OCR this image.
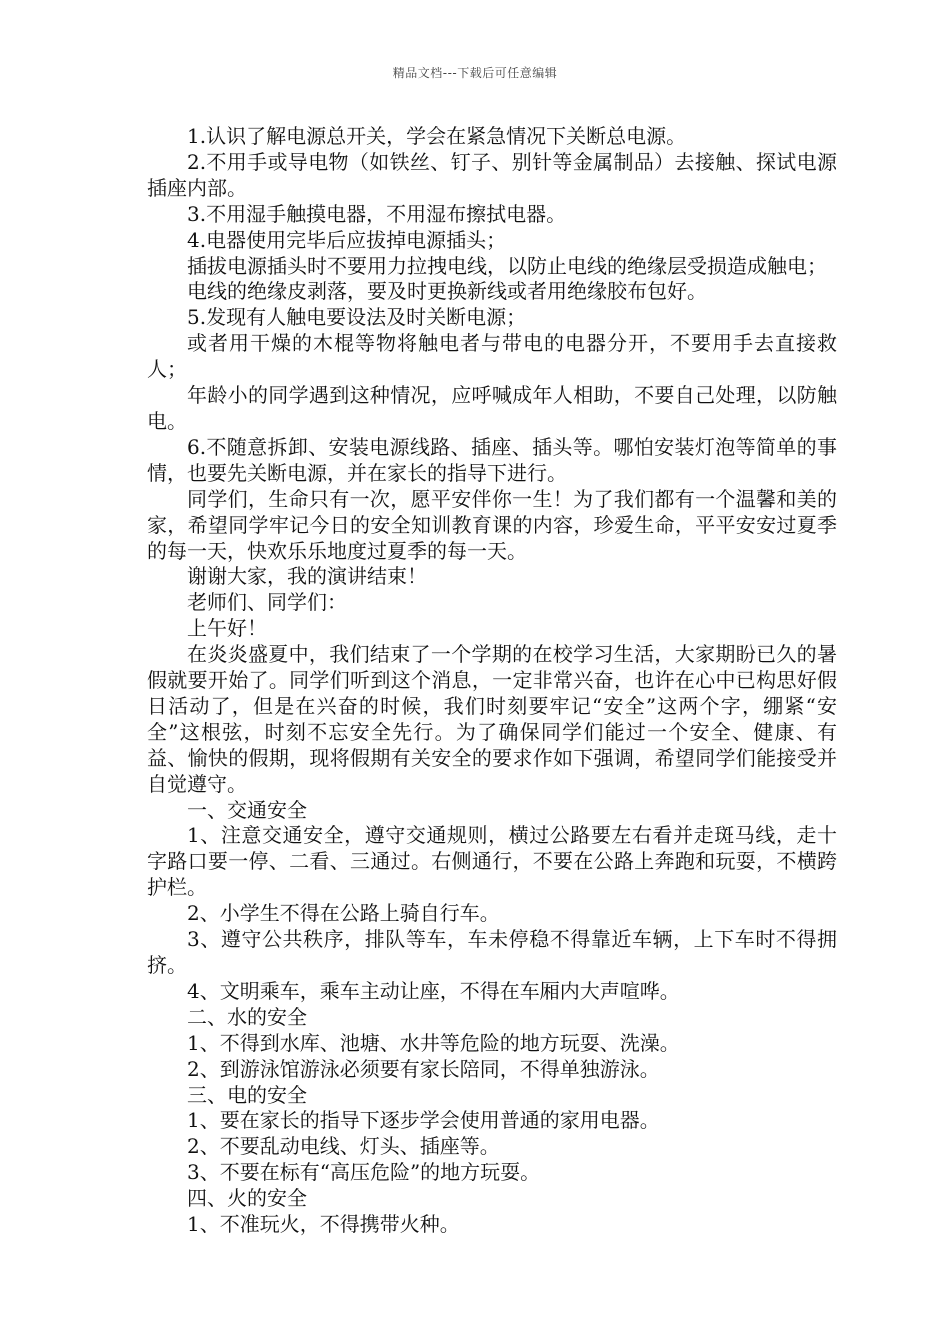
精品文档---下载后可任意编辑

1.认识了解电源总开关，学会在紧急情况下关断总电源。

2.不用手或导电物（如铁丝、钉子、别针等金属制品）去接触、探试电源插座内部。

3.不用湿手触摸电器，不用湿布擦拭电器。

4.电器使用完毕后应拔掉电源插头；

插拔电源插头时不要用力拉拽电线，以防止电线的绝缘层受损造成触电；

电线的绝缘皮剥落，要及时更换新线或者用绝缘胶布包好。

5.发现有人触电要设法及时关断电源；

或者用干燥的木棍等物将触电者与带电的电器分开，不要用手去直接救人；

年龄小的同学遇到这种情况，应呼喊成年人相助，不要自己处理，以防触电。

6.不随意拆卸、安装电源线路、插座、插头等。哪怕安装灯泡等简单的事情，也要先关断电源，并在家长的指导下进行。

同学们，生命只有一次，愿平安伴你一生！为了我们都有一个温馨和美的家，希望同学牢记今日的安全知训教育课的内容，珍爱生命，平平安安过夏季的每一天，快欢乐乐地度过夏季的每一天。

谢谢大家，我的演讲结束！

老师们、同学们：

上午好！

在炎炎盛夏中，我们结束了一个学期的在校学习生活，大家期盼已久的暑假就要开始了。同学们听到这个消息，一定非常兴奋，也许在心中已构思好假日活动了，但是在兴奋的时候，我们时刻要牢记“安全”这两个字，绷紧“安全”这根弦，时刻不忘安全先行。为了确保同学们能过一个安全、健康、有益、愉快的假期，现将假期有关安全的要求作如下强调，希望同学们能接受并自觉遵守。

一、交通安全

1、注意交通安全，遵守交通规则，横过公路要左右看并走斑马线，走十字路口要一停、二看、三通过。右侧通行，不要在公路上奔跑和玩耍，不横跨护栏。

2、小学生不得在公路上骑自行车。

3、遵守公共秩序，排队等车，车未停稳不得靠近车辆，上下车时不得拥挤。

4、文明乘车，乘车主动让座，不得在车厢内大声喧哗。

二、水的安全

1、不得到水库、池塘、水井等危险的地方玩耍、洗澡。

2、到游泳馆游泳必须要有家长陪同，不得单独游泳。

三、电的安全

1、要在家长的指导下逐步学会使用普通的家用电器。

2、不要乱动电线、灯头、插座等。

3、不要在标有“高压危险”的地方玩耍。

四、火的安全

1、不准玩火，不得携带火种。
